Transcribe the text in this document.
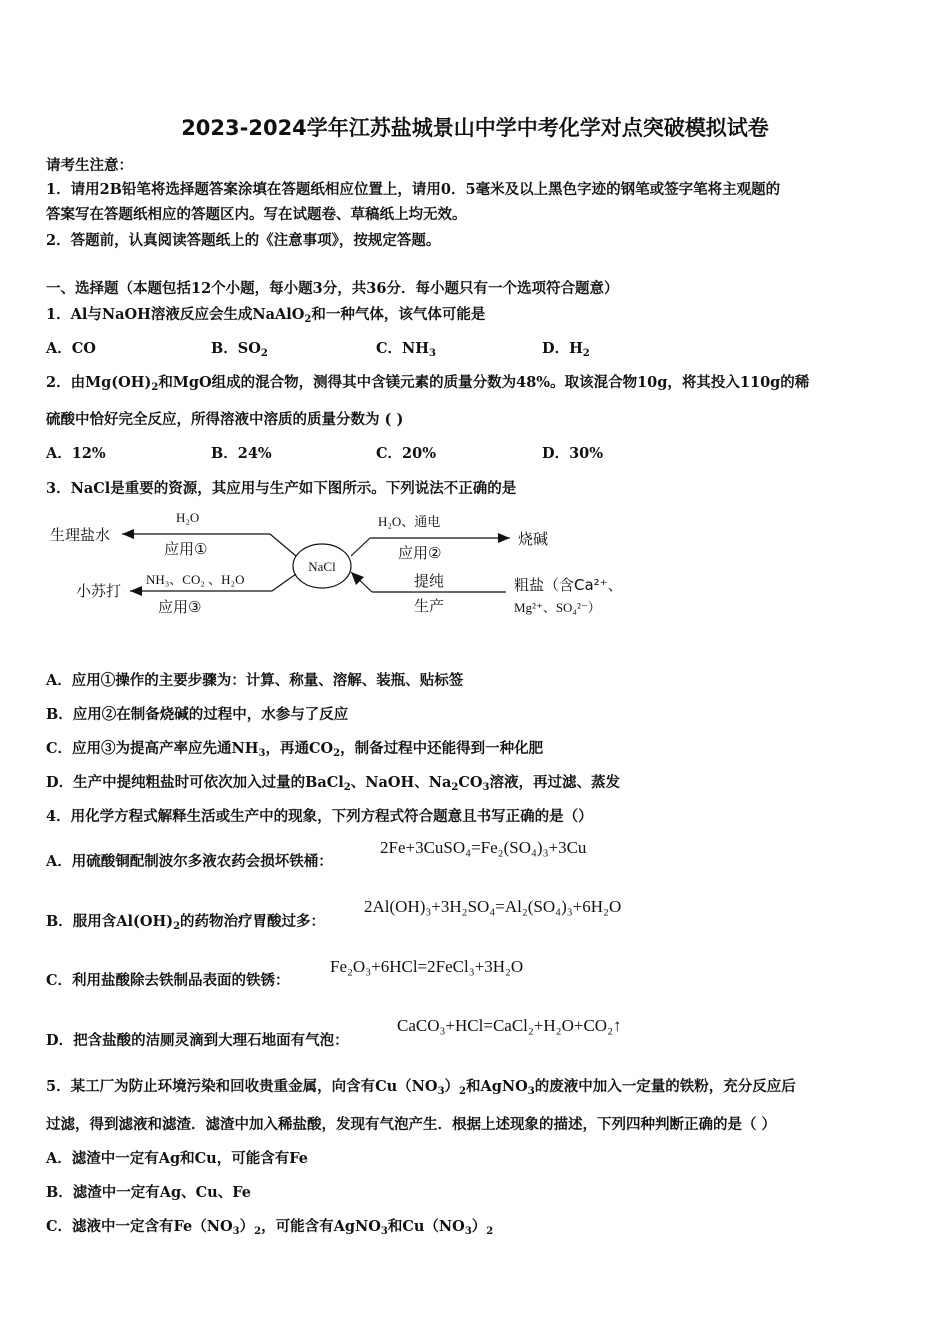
2023-2024学年江苏盐城景山中学中考化学对点突破模拟试卷
请考生注意：
1．请用2B铅笔将选择题答案涂填在答题纸相应位置上，请用0．5毫米及以上黑色字迹的钢笔或签字笔将主观题的
答案写在答题纸相应的答题区内。写在试题卷、草稿纸上均无效。
2．答题前，认真阅读答题纸上的《注意事项》，按规定答题。
一、选择题（本题包括12个小题，每小题3分，共36分．每小题只有一个选项符合题意）
1．Al与NaOH溶液反应会生成NaAlO$_2$和一种气体，该气体可能是
A．CO	B．$SO_2$	C．$NH_3$	D．$H_2$
2．由$Mg(OH)_2$和MgO组成的混合物，测得其中含镁元素的质量分数为48%。取该混合物10g，将其投入110g的稀
硫酸中恰好完全反应，所得溶液中溶质的质量分数为 ( )
A．12%	B．24%	C．20%	D．30%
3．NaCl是重要的资源，其应用与生产如下图所示。下列说法不正确的是
生理盐水
H₂O
应用①
小苏打
NH₃、CO₂ 、H₂O
应用③
NaCl
H₂O、通电
应用②
烧碱
提纯
生产
粗盐（含Ca²⁺、
Mg²⁺、SO₄²⁻）
A．应用①操作的主要步骤为：计算、称量、溶解、装瓶、贴标签
B．应用②在制备烧碱的过程中，水参与了反应
C．应用③为提高产率应先通$NH_3$，再通$CO_2$，制备过程中还能得到一种化肥
D．生产中提纯粗盐时可依次加入过量的BaCl$_2$、NaOH、$Na_2CO_3$溶液，再过滤、蒸发
4．用化学方程式解释生活或生产中的现象，下列方程式符合题意且书写正确的是（）
A．用硫酸铜配制波尔多液农药会损坏铁桶：
2Fe+3CuSO₄=Fe₂(SO₄)₃+3Cu
B．服用含$Al(OH)_2$的药物治疗胃酸过多：
2Al(OH)₃+3H₂SO₄=Al₂(SO₄)₃+6H₂O
C．利用盐酸除去铁制品表面的铁锈：
Fe₂O₃+6HCl=2FeCl₃+3H₂O
D．把含盐酸的洁厕灵滴到大理石地面有气泡：
CaCO₃+HCl=CaCl₂+H₂O+CO₂↑
5．某工厂为防止环境污染和回收贵重金属，向含有$Cu(NO_3)_2$和AgNO$_3$的废液中加入一定量的铁粉，充分反应后
过滤，得到滤液和滤渣．滤渣中加入稀盐酸，发现有气泡产生．根据上述现象的描述，下列四种判断正确的是（ ）
A．滤渣中一定有Ag和Cu，可能含有Fe
B．滤渣中一定有Ag、Cu、Fe
C．滤液中一定含有$Fe(NO_3)_2$，可能含有AgNO$_3$和$Cu(NO_3)_2$
